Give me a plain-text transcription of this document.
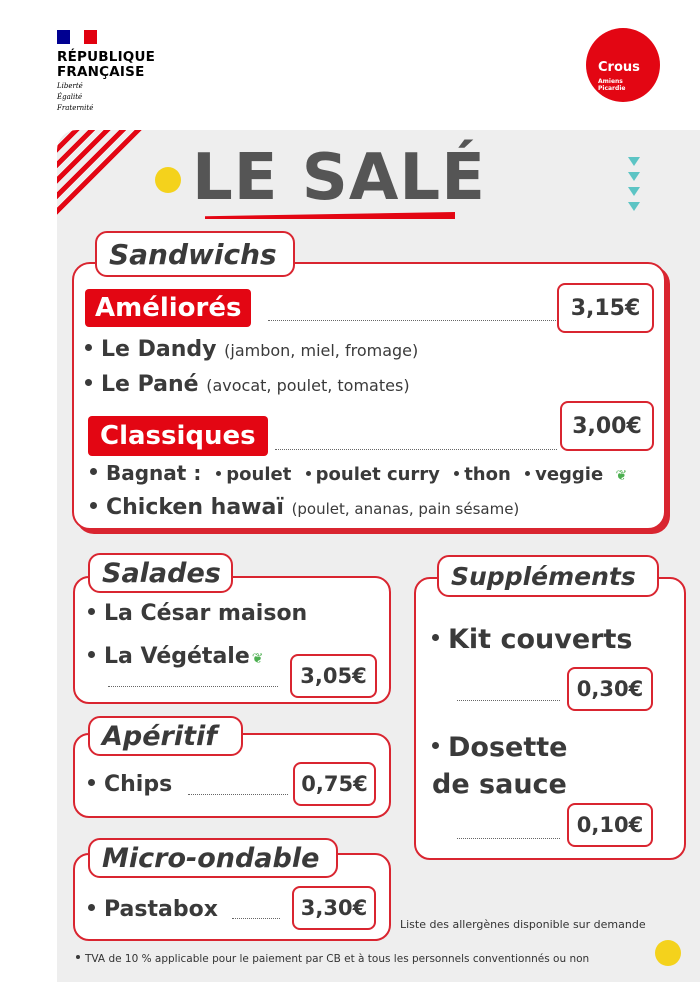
RÉPUBLIQUE
FRANÇAISE
Liberté
Égalité
Fraternité
Crous
Amiens
Picardie
LE SALÉ
Sandwichs
Améliorés	3,15€
Le Dandy (jambon, miel, fromage)
Le Pané (avocat, poulet, tomates)
Classiques	3,00€
Bagnat : poulet poulet curry thon veggie ❦
Chicken hawaï (poulet, ananas, pain sésame)
Salades
La César maison
La Végétale ❦
3,05€
Apéritif
Chips	0,75€
Micro-ondable
Pastabox	3,30€
Suppléments
Kit couverts
0,30€
Dosette
de sauce
0,10€
Liste des allergènes disponible sur demande
TVA de 10 % applicable pour le paiement par CB et à tous les personnels conventionnés ou non
